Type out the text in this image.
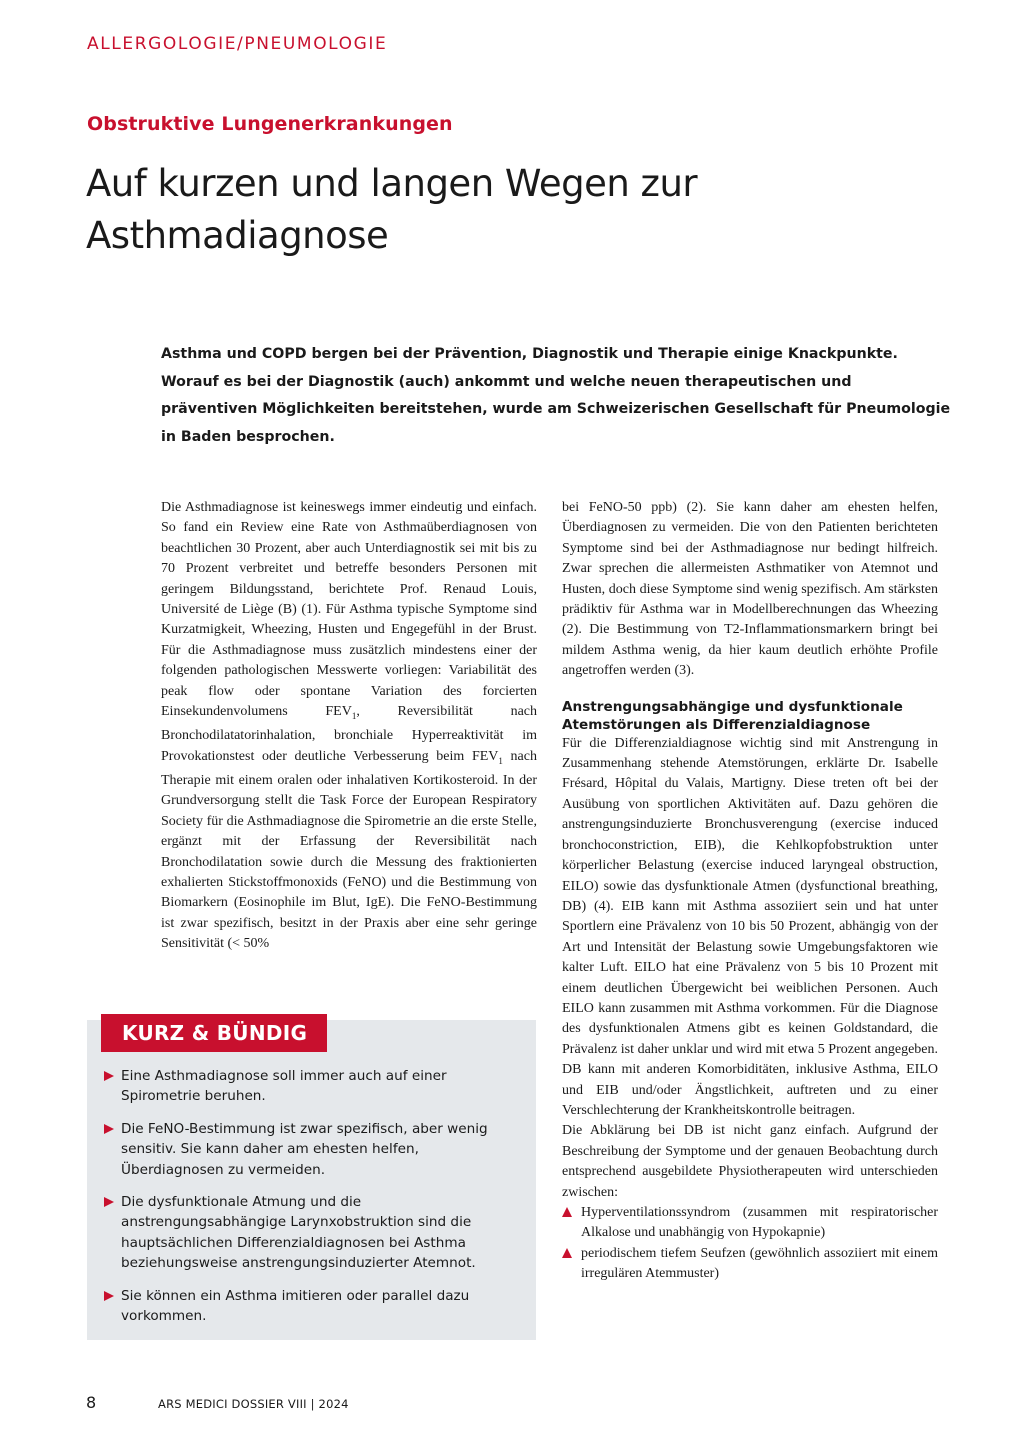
ALLERGOLOGIE/PNEUMOLOGIE
Obstruktive Lungenerkrankungen
Auf kurzen und langen Wegen zur
Asthmadiagnose

Asthma und COPD bergen bei der Prävention, Diagnostik und Therapie einige Knackpunkte. Worauf es bei der Diagnostik (auch) ankommt und welche neuen therapeutischen und präventiven Möglichkeiten bereitstehen, wurde am Schweizerischen Gesellschaft für Pneumologie in Baden besprochen.

Die Asthmadiagnose ist keineswegs immer eindeutig und einfach. So fand ein Review eine Rate von Asthmaüberdiagnosen von beachtlichen 30 Prozent, aber auch Unterdiagnostik sei mit bis zu 70 Prozent verbreitet und betreffe besonders Personen mit geringem Bildungsstand, berichtete Prof. Renaud Louis, Université de Liège (B) (1). Für Asthma typische Symptome sind Kurzatmigkeit, Wheezing, Husten und Engegefühl in der Brust. Für die Asthmadiagnose muss zusätzlich mindestens einer der folgenden pathologischen Messwerte vorliegen: Variabilität des peak flow oder spontane Variation des forcierten Einsekundenvolumens $FEV_1$, Reversibilität nach Bronchodilatatorinhalation, bronchiale Hyperreaktivität im Provokationstest oder deutliche Verbesserung beim $FEV_1$ nach Therapie mit einem oralen oder inhalativen Kortikosteroid. In der Grundversorgung stellt die Task Force der European Respiratory Society für die Asthmadiagnose die Spirometrie an die erste Stelle, ergänzt mit der Erfassung der Reversibilität nach Bronchodilatation sowie durch die Messung des fraktionierten exhalierten Stickstoffmonoxids (FeNO) und die Bestimmung von Biomarkern (Eosinophile im Blut, IgE). Die FeNO-Bestimmung ist zwar spezifisch, besitzt in der Praxis aber eine sehr geringe Sensitivität (< 50%

bei FeNO-50 ppb) (2). Sie kann daher am ehesten helfen, Überdiagnosen zu vermeiden. Die von den Patienten berichteten Symptome sind bei der Asthmadiagnose nur bedingt hilfreich. Zwar sprechen die allermeisten Asthmatiker von Atemnot und Husten, doch diese Symptome sind wenig spezifisch. Am stärksten prädiktiv für Asthma war in Modellberechnungen das Wheezing (2). Die Bestimmung von T2-Inflammationsmarkern bringt bei mildem Asthma wenig, da hier kaum deutlich erhöhte Profile angetroffen werden (3).

Anstrengungsabhängige und dysfunktionale Atemstörungen als Differenzialdiagnose

Für die Differenzialdiagnose wichtig sind mit Anstrengung in Zusammenhang stehende Atemstörungen, erklärte Dr. Isabelle Frésard, Hôpital du Valais, Martigny. Diese treten oft bei der Ausübung von sportlichen Aktivitäten auf. Dazu gehören die anstrengungsinduzierte Bronchusverengung (exercise induced bronchoconstriction, EIB), die Kehlkopfobstruktion unter körperlicher Belastung (exercise induced laryngeal obstruction, EILO) sowie das dysfunktionale Atmen (dysfunctional breathing, DB) (4). EIB kann mit Asthma assoziiert sein und hat unter Sportlern eine Prävalenz von 10 bis 50 Prozent, abhängig von der Art und Intensität der Belastung sowie Umgebungsfaktoren wie kalter Luft. EILO hat eine Prävalenz von 5 bis 10 Prozent mit einem deutlichen Übergewicht bei weiblichen Personen. Auch EILO kann zusammen mit Asthma vorkommen. Für die Diagnose des dysfunktionalen Atmens gibt es keinen Goldstandard, die Prävalenz ist daher unklar und wird mit etwa 5 Prozent angegeben. DB kann mit anderen Komorbiditäten, inklusive Asthma, EILO und EIB und/oder Ängstlichkeit, auftreten und zu einer Verschlechterung der Krankheitskontrolle beitragen.

Die Abklärung bei DB ist nicht ganz einfach. Aufgrund der Beschreibung der Symptome und der genauen Beobachtung durch entsprechend ausgebildete Physiotherapeuten wird unterschieden zwischen:

Hyperventilationssyndrom (zusammen mit respiratorischer Alkalose und unabhängig von Hypokapnie)
periodischem tiefem Seufzen (gewöhnlich assoziiert mit einem irregulären Atemmuster)
KURZ & BÜNDIG
Eine Asthmadiagnose soll immer auch auf einer Spirometrie beruhen.
Die FeNO-Bestimmung ist zwar spezifisch, aber wenig sensitiv. Sie kann daher am ehesten helfen, Überdiagnosen zu vermeiden.
Die dysfunktionale Atmung und die anstrengungsabhängige Larynxobstruktion sind die hauptsächlichen Differenzialdiagnosen bei Asthma beziehungsweise anstrengungsinduzierter Atemnot.
Sie können ein Asthma imitieren oder parallel dazu vorkommen.
8	ARS MEDICI DOSSIER VIII | 2024
